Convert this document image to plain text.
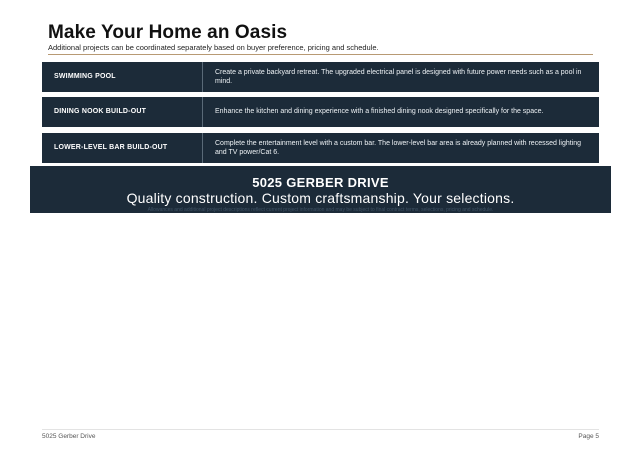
Make Your Home an Oasis
Additional projects can be coordinated separately based on buyer preference, pricing and schedule.
SWIMMING POOL
Create a private backyard retreat. The upgraded electrical panel is designed with future power needs such as a pool in mind.
DINING NOOK BUILD-OUT	Enhance the kitchen and dining experience with a finished dining nook designed specifically for the space.
LOWER-LEVEL BAR BUILD-OUT
Complete the entertainment level with a custom bar. The lower-level bar area is already planned with recessed lighting and TV power/Cat 6.
5025 GERBER DRIVE
Quality construction. Custom craftsmanship. Your selections.
Allowances and additional project descriptions reflect current project information and may be subject to final contract terms, selections, pricing and schedule.
5025 Gerber Drive	Page 5
